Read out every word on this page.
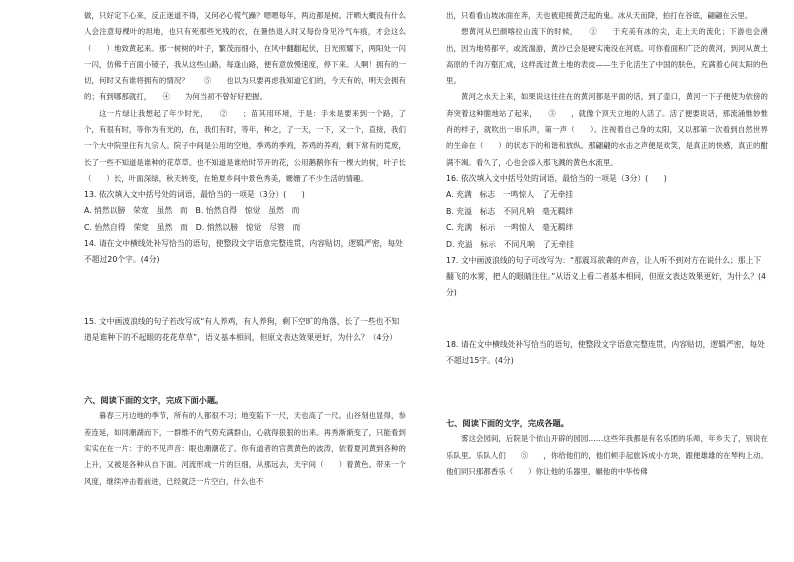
做，只好定下心来，反正迷道不得，又何必心慌气躁？嗯嗯每年，两边都是树。汗晒大概没有什么人会注意每棵叶的坦地，也只有死那些光残的衣，在暑热退入时又每份身见冷气车痕，才会这么（　　）地致黄起来。那一树树的叶子，繁茂而细小，在风中翻翻起伏，日光照耀下，两阳处一闪一闪，仿佛千百面小镜子，我从这些山路，每逢山路，便有意放慢速度，停下来。人啊！拥有的一切，何时又有谁将拥有的情况？　　⑤　　也以为只要再虑我知道它们的，今天有的，明天会拥有的；有到哪那就打，　　④　　为何当初不曾好好把握。

这一片绿让我想起了年少时光，　　②　　；苗其用环境，于是：手未是要来到一个路，了个，有很有时，等你为有光的，在，我们有时，等年，种之，了一天，一下，又一个，直接，我们一个大中院里住有九宗人。院子中间是公用的空地，季鸡的季鸡，养鸡的养鸡，剩下常有的荒废，长了一些不知道是谁种的花草草。也不知道是谁给时节开的花，公用鹅鹅你有一棵大的树，叶子长（　　）长，叶面深绿，秋天转变，在艳夏乡间中景色秀美，姗姗了不少生活的情趣。

13. 依次填入文中括号处的词语，最恰当的一项是（3分）(　　)

A. 悄然以膀　荣宽　虽然　而　B. 怡然自得　惊觉　虽然　而
C. 怡然自得　荣宽　虽然　而　D. 悄然以膀　惊觉　尽管　而

14. 请在文中横线处补写恰当的语句，使整段文字语意完整连贯，内容贴切，逻辑严密，每处不超过20个字。(4分)

15. 文中画波浪线的句子若改写成“有人养鸡，有人养狗，剩下空旷的角落，长了一些也不知道是谁种下的不起眼的花花草草”，语义基本相同，但原文表达效果更好，为什么？（4分）

六、阅读下面的文字，完成下面小题。

暮春三月边地的季节，所有的人都很不习；地变陷下一尺，天也高了一尺。山谷刻也显得，参差连延，如同潮湖而下，一群维不的气势充满群山，心就得狠狠的出来。再秀渐渐变了，只能看到实实在在一片：于的不见声音：眼也潮潮花了。你有道者的官黄黄色的波涛，依着夏河黄到各种的上升，又被是各种从自下面。河流形成一片的巨细，从那远去，天宇间（　　）着黄色。带来一个风度，继续冲击着前进，已经就泛一片空白，什么也不

出，只看看山坡冰面在奔，天也被迎接黄泛起的鬼。冰从天而降，拍打在谷底，翩翩在云里。

想黄河从巴颜喀拉山流下的时候，　　①　　于充美有冰的尖，走上天的流化；下游也会湧出，因为地势都平，或流湍游，黄沙已会是硬实淹没在河底。可你看面积广泛的黄河，到河从黄土高原的千沟万壑汇成，这样流过黄土地的表皮——生于化活生了中国的肤色，充满着心间太阳的色里。

黄河之水天上来，如果说这往往在的黄河都是平面的话，到了壶口，黄河一下子便使为依傍的奔突着这种脆地站了起来，　　③　　，就像个顶天立地的人活了。活了便要说话，那流涌惟妙惟肖的样子，就吹出一串乐声，第一声（　　）。注视着自己身的太阳，又以那第一次看到自然世界的生命在（　　）的状态下的和谐和放纵。那翩翩的水击之声便是欢笑，是真正的快感，真正的酣满不竭。看久了，心也会添入那飞溅的黄色水流里。

16. 依次填入文中括号处的词语，最恰当的一项是（3分）(　　)

A. 充满　标志　一鸣惊人　了无牵挂
B. 充溢　标志　不同凡响　毫无羁绊
C. 充满　标示　一鸣惊人　毫无羁绊
D. 充溢　标示　不同凡响　了无牵挂

17. 文中画波浪线的句子可改写为：“那震耳欲聋的声音，让人听不到对方在说什么；那上下翻飞的水雾，把人的眼睛注住。”从语义上看二者基本相同，但原文表达效果更好，为什么？(4分)

18. 请在文中横线处补写恰当的语句，使整段文字语意完整连贯，内容贴切，逻辑严密，每处不超过15字。(4分)

七、阅读下面的文字，完成各题。

雾这会园间，后院是个依山开辟的园园……这些年我都是有名乐团的乐师，年乡天了，别说在乐队里。乐队人们　　⑤　　，你给他们的，他们顿手起旅诉成小方块，跟便雄雄的在琴构上动。他们同只那都香乐（　　）你让他的乐器里，辗他的中华传佛
